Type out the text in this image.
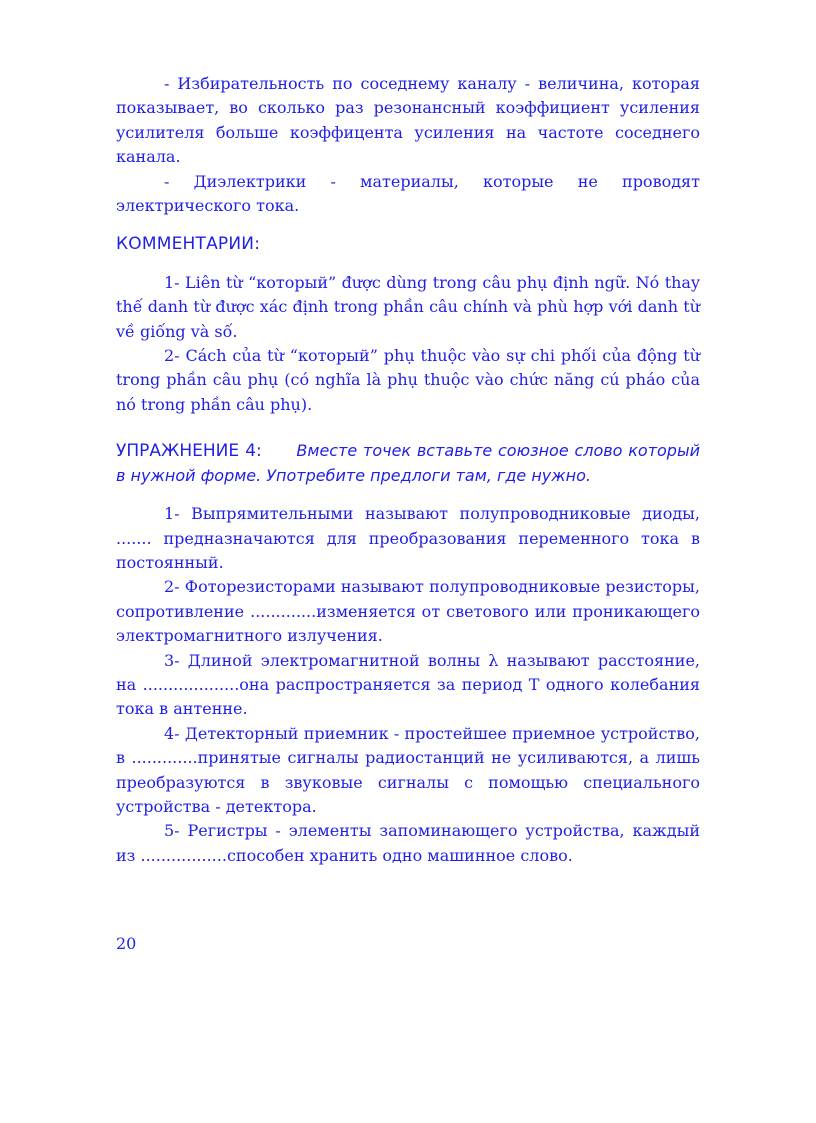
- Избирательность по соседнему каналу - величина, которая показывает, во сколько раз резонансный коэффициент усиления усилителя больше коэффицента усиления на частоте соседнего канала.

- Диэлектрики - материалы, которые не проводят электрического тока.

КОММЕНТАРИИ:

1- Liên từ “который” được dùng trong câu phụ định ngữ. Nó thay thế danh từ được xác định trong phần câu chính và phù hợp với danh từ về giống và số.

2- Cách của từ “который” phụ thuộc vào sự chi phối của động từ trong phần câu phụ (có nghĩa là phụ thuộc vào chức năng cú pháo của nó trong phần câu phụ).

УПРАЖНЕНИЕ 4: Вместе точек вставьте союзное слово который в нужной форме. Употребите предлоги там, где нужно.

1- Выпрямительными называют полупроводниковые диоды, ....... предназначаются для преобразования переменного тока в постоянный.

2- Фоторезисторами называют полупроводниковые резисторы, сопротивление .............изменяется от светового или проникающего электромагнитного излучения.

3- Длиной электромагнитной волны λ называют расстояние, на ...................она распространяется за период Т одного колебания тока в антенне.

4- Детекторный приемник - простейшее приемное устройство, в .............принятые сигналы радиостанций не усиливаются, а лишь преобразуются в звуковые сигналы с помощью специального устройства - детектора.

5- Регистры - элементы запоминающего устройства, каждый из .................способен хранить одно машинное слово.

20
